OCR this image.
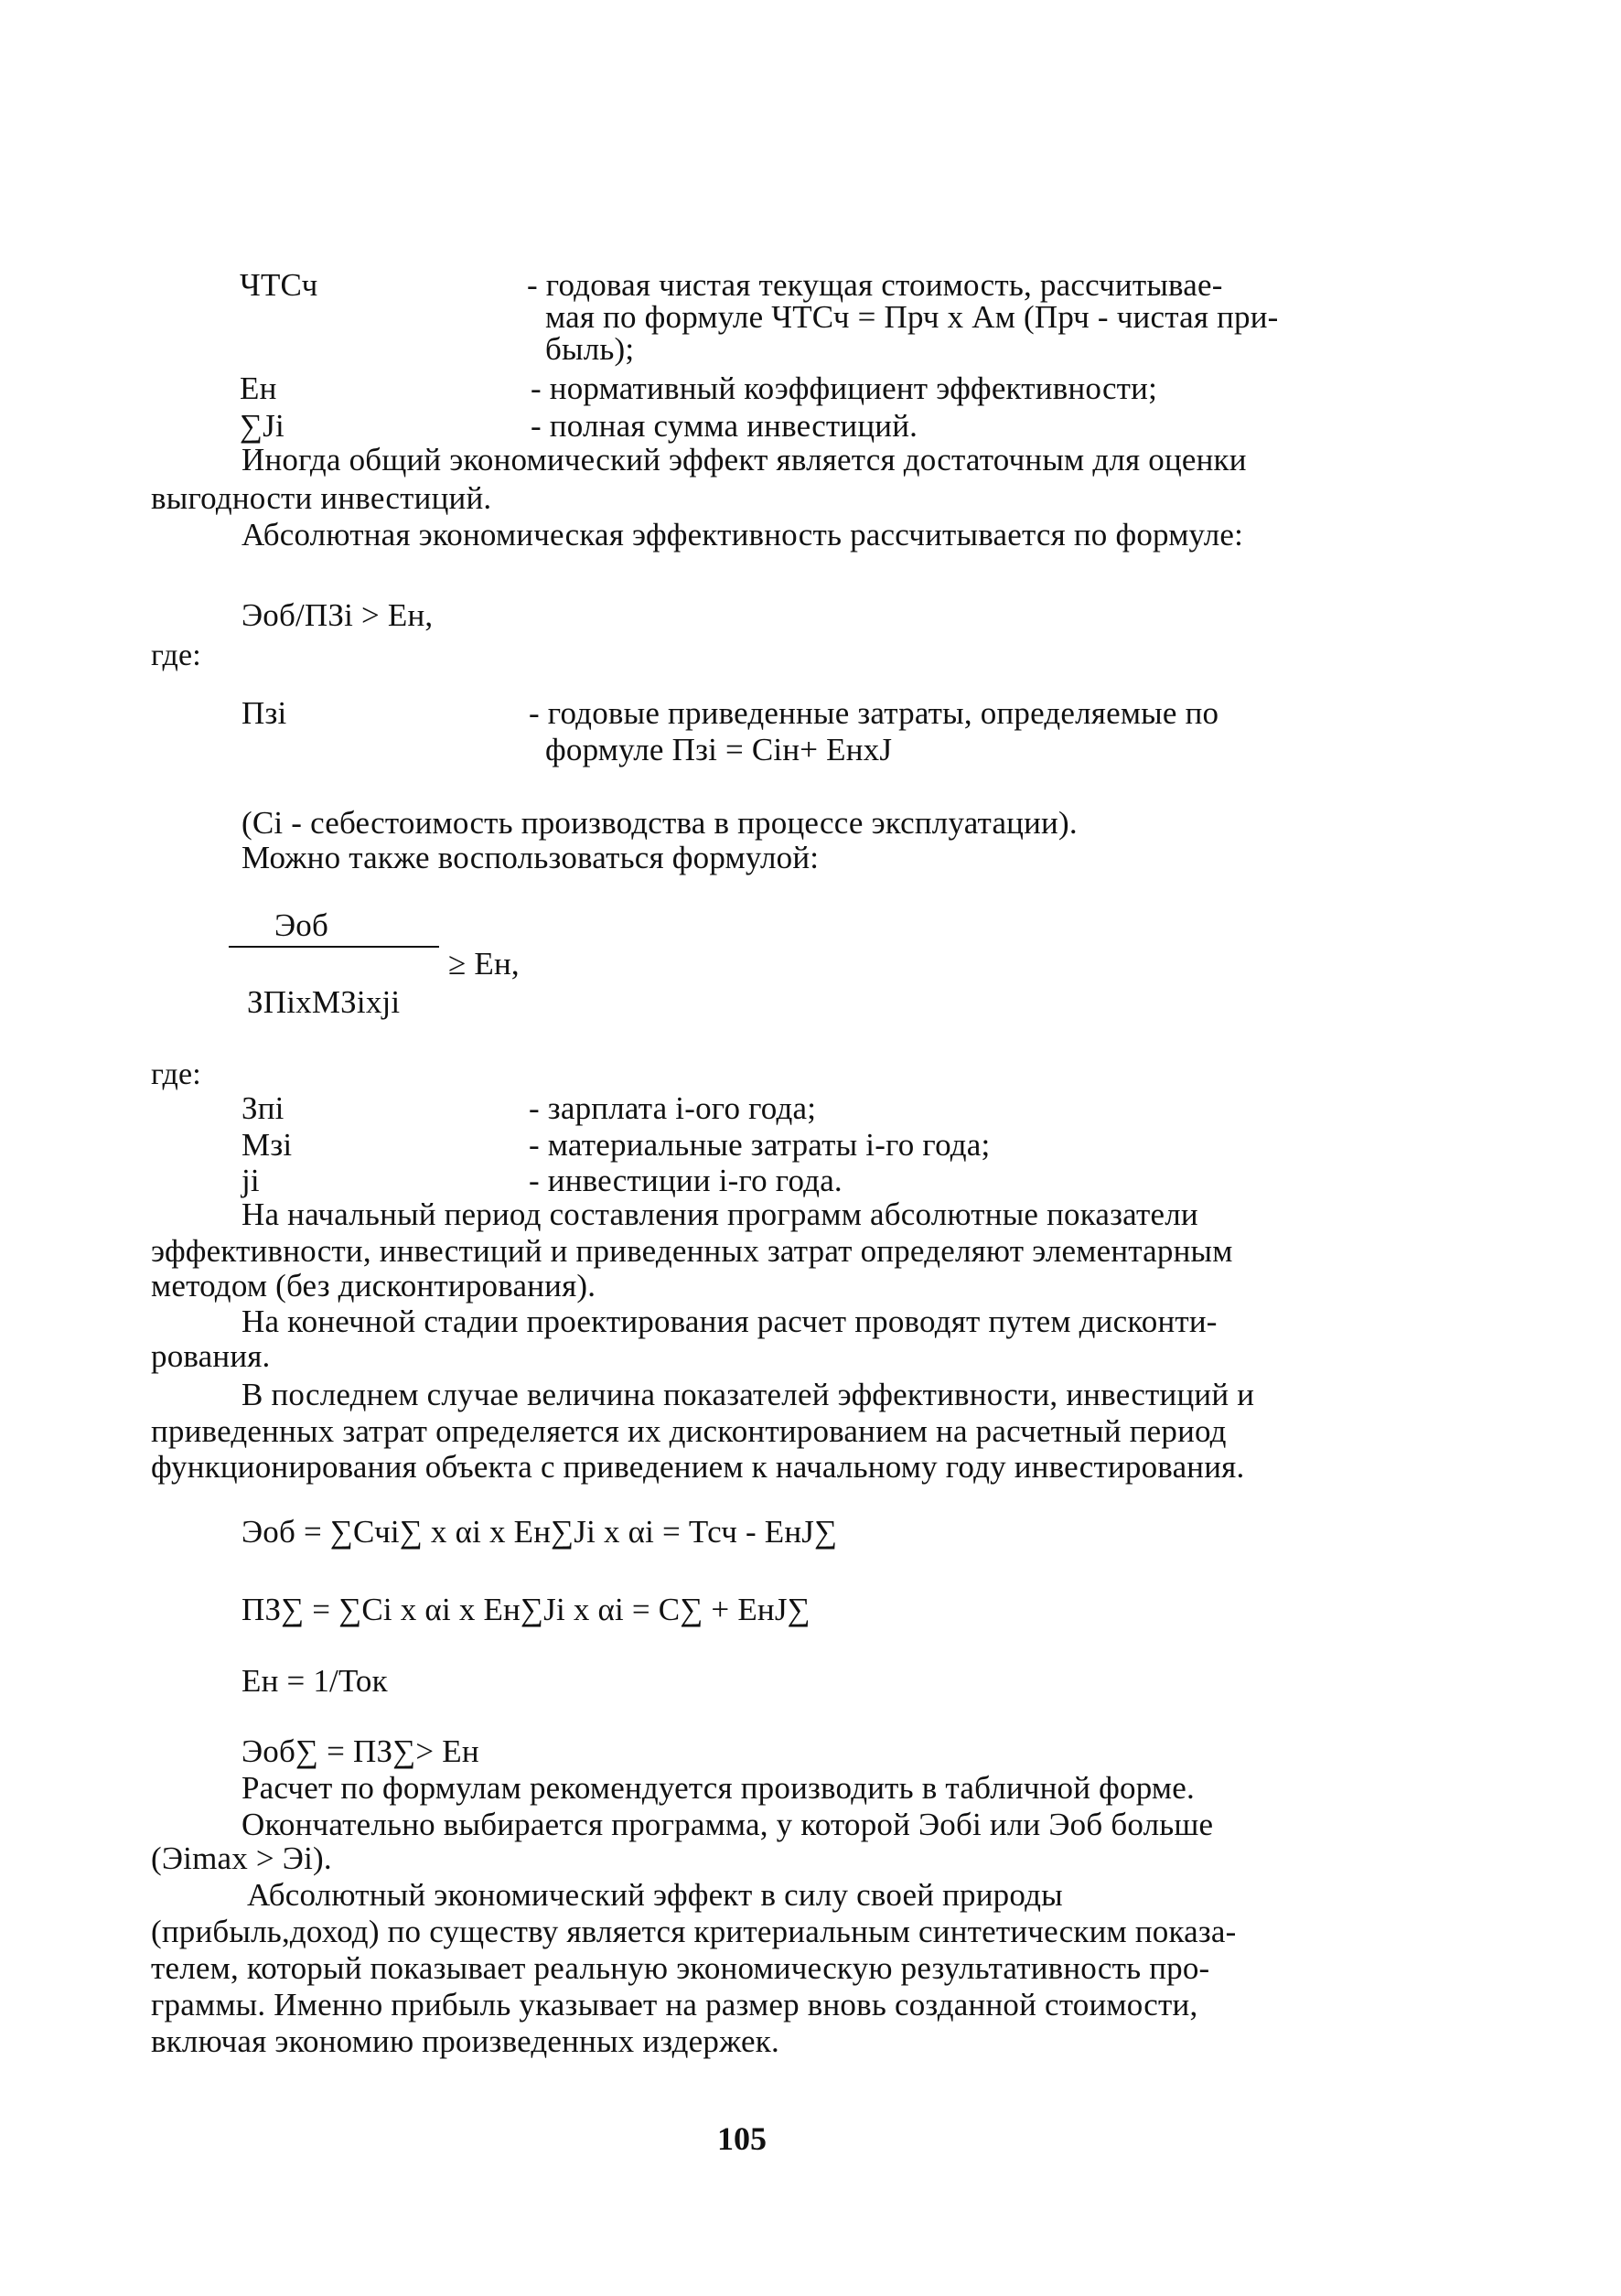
ЧТСч	- годовая чистая текущая стоимость, рассчитывае-
мая по формуле ЧТСч = Прч х Ам (Прч - чистая при-
быль);
Ен	- нормативный коэффициент эффективности;
∑Ji	- полная сумма инвестиций.
Иногда общий экономический эффект является достаточным для оценки
выгодности инвестиций.
Абсолютная экономическая эффективность рассчитывается по формуле:
Эоб/ПЗi > Ен,
где:
Пзi	- годовые приведенные затраты, определяемые по
формуле Пзi = Сiн+ ЕнxJ
(Сi - себестоимость производства в процессе эксплуатации).
Можно также воспользоваться формулой:
Эоб
≥ Ен,
ЗПixМЗixji
где:
Зпi	- зарплата i-ого года;
Мзi	- материальные затраты i-го года;
ji	- инвестиции i-го года.
На начальный период составления программ абсолютные показатели
эффективности, инвестиций и приведенных затрат определяют элементарным
методом (без дисконтирования).
На конечной стадии проектирования расчет проводят путем дисконти-
рования.
В последнем случае величина показателей эффективности, инвестиций и
приведенных затрат определяется их дисконтированием на расчетный период
функционирования объекта с приведением к начальному году инвестирования.
Эоб = ∑Счi∑ х αi х Ен∑Ji х αi = Тсч - ЕнJ∑
ПЗ∑ = ∑Сi х αi х Ен∑Ji х αi = С∑ + ЕнJ∑
Ен = 1/Ток
Эоб∑ = ПЗ∑> Ен
Расчет по формулам рекомендуется производить в табличной форме.
Окончательно выбирается программа, у которой Эобi или Эоб больше
(Эimax > Эi).
Абсолютный экономический эффект в силу своей природы
(прибыль,доход) по существу является критериальным синтетическим показа-
телем, который показывает реальную экономическую результативность про-
граммы. Именно прибыль указывает на размер вновь созданной стоимости,
включая экономию произведенных издержек.
105
